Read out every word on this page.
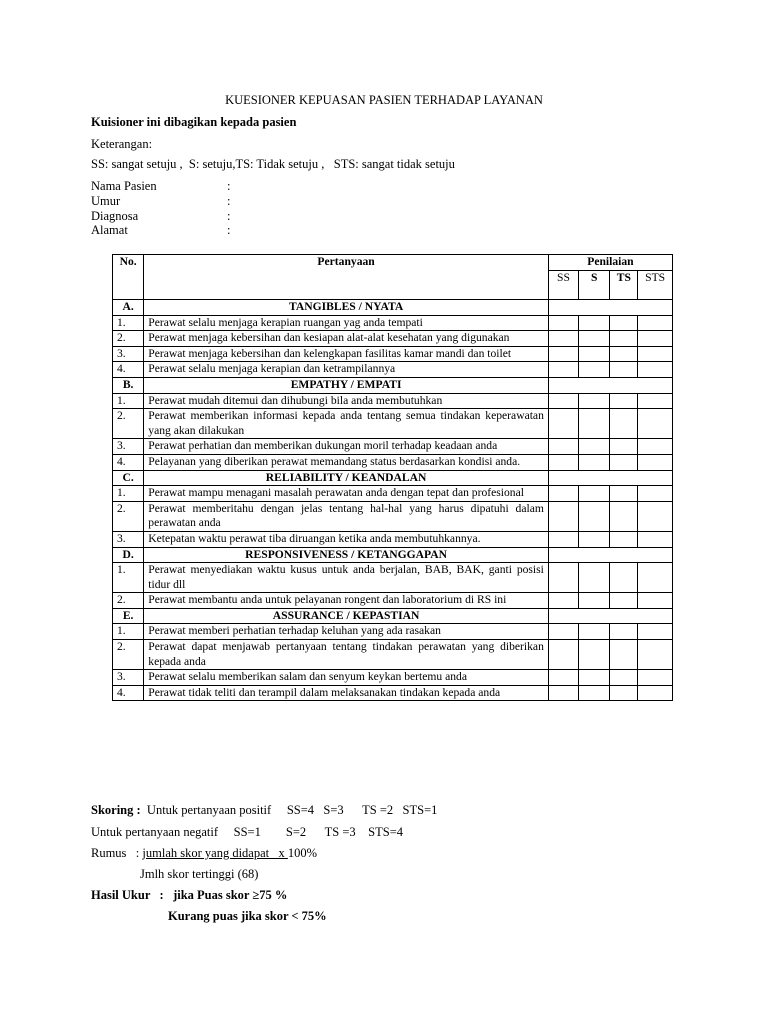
KUESIONER KEPUASAN PASIEN TERHADAP LAYANAN
Kuisioner ini dibagikan kepada pasien
Keterangan:
SS: sangat setuju ,  S: setuju,TS: Tidak setuju ,   STS: sangat tidak setuju
Nama Pasien	:
Umur	:
Diagnosa	:
Alamat	:
No.	Pertanyaan	Penilaian			
		SS	S	TS	STS

A.	TANGIBLES / NYATA				
1.	Perawat selalu menjaga kerapian ruangan yag anda tempati				
2.	Perawat menjaga kebersihan dan kesiapan alat-alat kesehatan yang digunakan				
3.	Perawat menjaga kebersihan dan kelengkapan fasilitas kamar mandi dan toilet				
4.	Perawat selalu menjaga kerapian dan ketrampilannya				
B.	EMPATHY / EMPATI				
1.	Perawat mudah ditemui dan dihubungi bila anda membutuhkan				
2.	Perawat memberikan informasi kepada anda tentang semua tindakan keperawatan yang akan dilakukan				
3.	Perawat perhatian dan memberikan dukungan moril terhadap keadaan anda				
4.	Pelayanan yang diberikan perawat memandang status berdasarkan kondisi anda.				
C.	RELIABILITY / KEANDALAN				
1.	Perawat mampu menagani masalah perawatan anda dengan tepat dan profesional				
2.	Perawat memberitahu dengan jelas tentang hal-hal yang harus dipatuhi dalam perawatan anda				
3.	Ketepatan waktu perawat tiba diruangan ketika anda membutuhkannya.				
D.	RESPONSIVENESS / KETANGGAPAN				
1.	Perawat menyediakan waktu kusus untuk anda berjalan, BAB, BAK, ganti posisi tidur dll				
2.	Perawat membantu anda untuk pelayanan rongent dan laboratorium di RS ini				
E.	ASSURANCE / KEPASTIAN				
1.	Perawat memberi perhatian terhadap keluhan yang ada rasakan				
2.	Perawat dapat menjawab pertanyaan tentang tindakan perawatan yang diberikan kepada anda				
3.	Perawat selalu memberikan salam dan senyum keykan bertemu anda				
4.	Perawat tidak teliti dan terampil dalam melaksanakan tindakan kepada anda				
Skoring :  Untuk pertanyaan positif     SS=4   S=3      TS =2   STS=1
Untuk pertanyaan negatif     SS=1        S=2      TS =3    STS=4
Rumus   : jumlah skor yang didapat   x 100%
Jmlh skor tertinggi (68)
Hasil Ukur   :   jika Puas skor ≥75 %
Kurang puas jika skor < 75%
